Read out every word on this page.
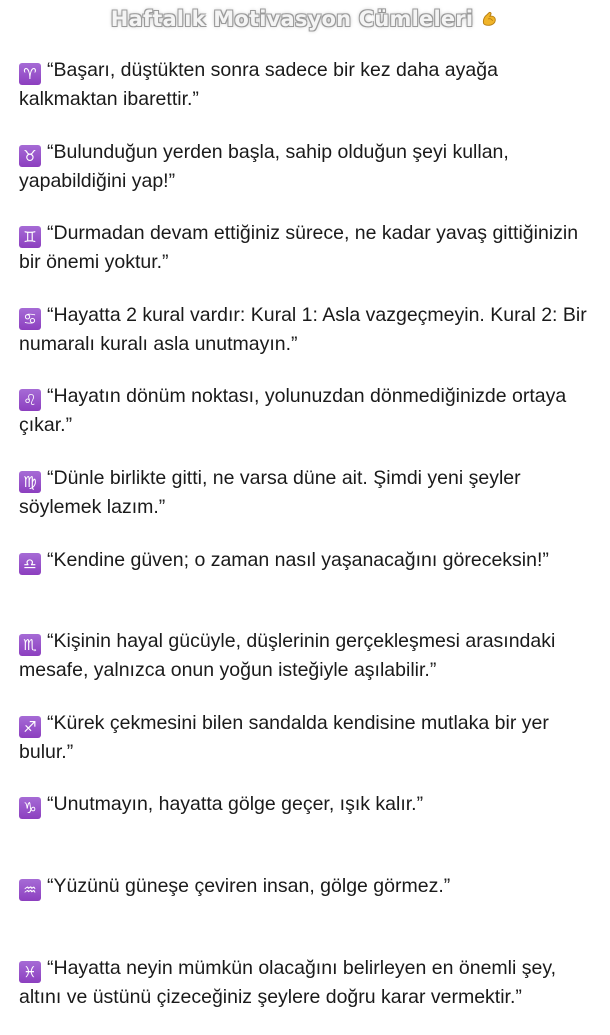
Haftalık Motivasyon Cümleleri

♈ “Başarı, düştükten sonra sadece bir kez daha ayağa kalkmaktan ibarettir.”

♉ “Bulunduğun yerden başla, sahip olduğun şeyi kullan, yapabildiğini yap!”

♊ “Durmadan devam ettiğiniz sürece, ne kadar yavaş gittiğinizin bir önemi yoktur.”

♋ “Hayatta 2 kural vardır: Kural 1: Asla vazgeçmeyin. Kural 2: Bir numaralı kuralı asla unutmayın.”

♌ “Hayatın dönüm noktası, yolunuzdan dönmediğinizde ortaya çıkar.”

♍ “Dünle birlikte gitti, ne varsa düne ait. Şimdi yeni şeyler söylemek lazım.”

♎ “Kendine güven; o zaman nasıl yaşanacağını göreceksin!”

♏ “Kişinin hayal gücüyle, düşlerinin gerçekleşmesi arasındaki mesafe, yalnızca onun yoğun isteğiyle aşılabilir.”

♐ “Kürek çekmesini bilen sandalda kendisine mutlaka bir yer bulur.”

♑ “Unutmayın, hayatta gölge geçer, ışık kalır.”

♒ “Yüzünü güneşe çeviren insan, gölge görmez.”

♓ “Hayatta neyin mümkün olacağını belirleyen en önemli şey, altını ve üstünü çizeceğiniz şeylere doğru karar vermektir.”
